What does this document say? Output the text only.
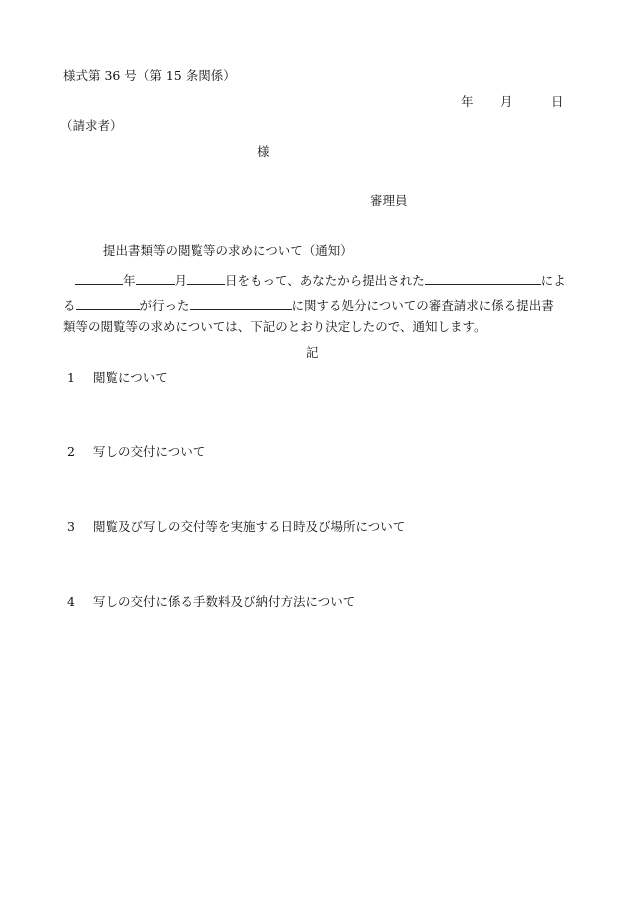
様式第 36 号（第 15 条関係）
年 月	日
（請求者）
様
審理員
提出書類等の閲覧等の求めについて（通知）
年	月	日をもって、あなたから提出された	によ
る	が行った	に関する処分についての審査請求に係る提出書
類等の閲覧等の求めについては、下記のとおり決定したので、通知します。
記
1 閲覧について
2 写しの交付について
3 閲覧及び写しの交付等を実施する日時及び場所について
4 写しの交付に係る手数料及び納付方法について
